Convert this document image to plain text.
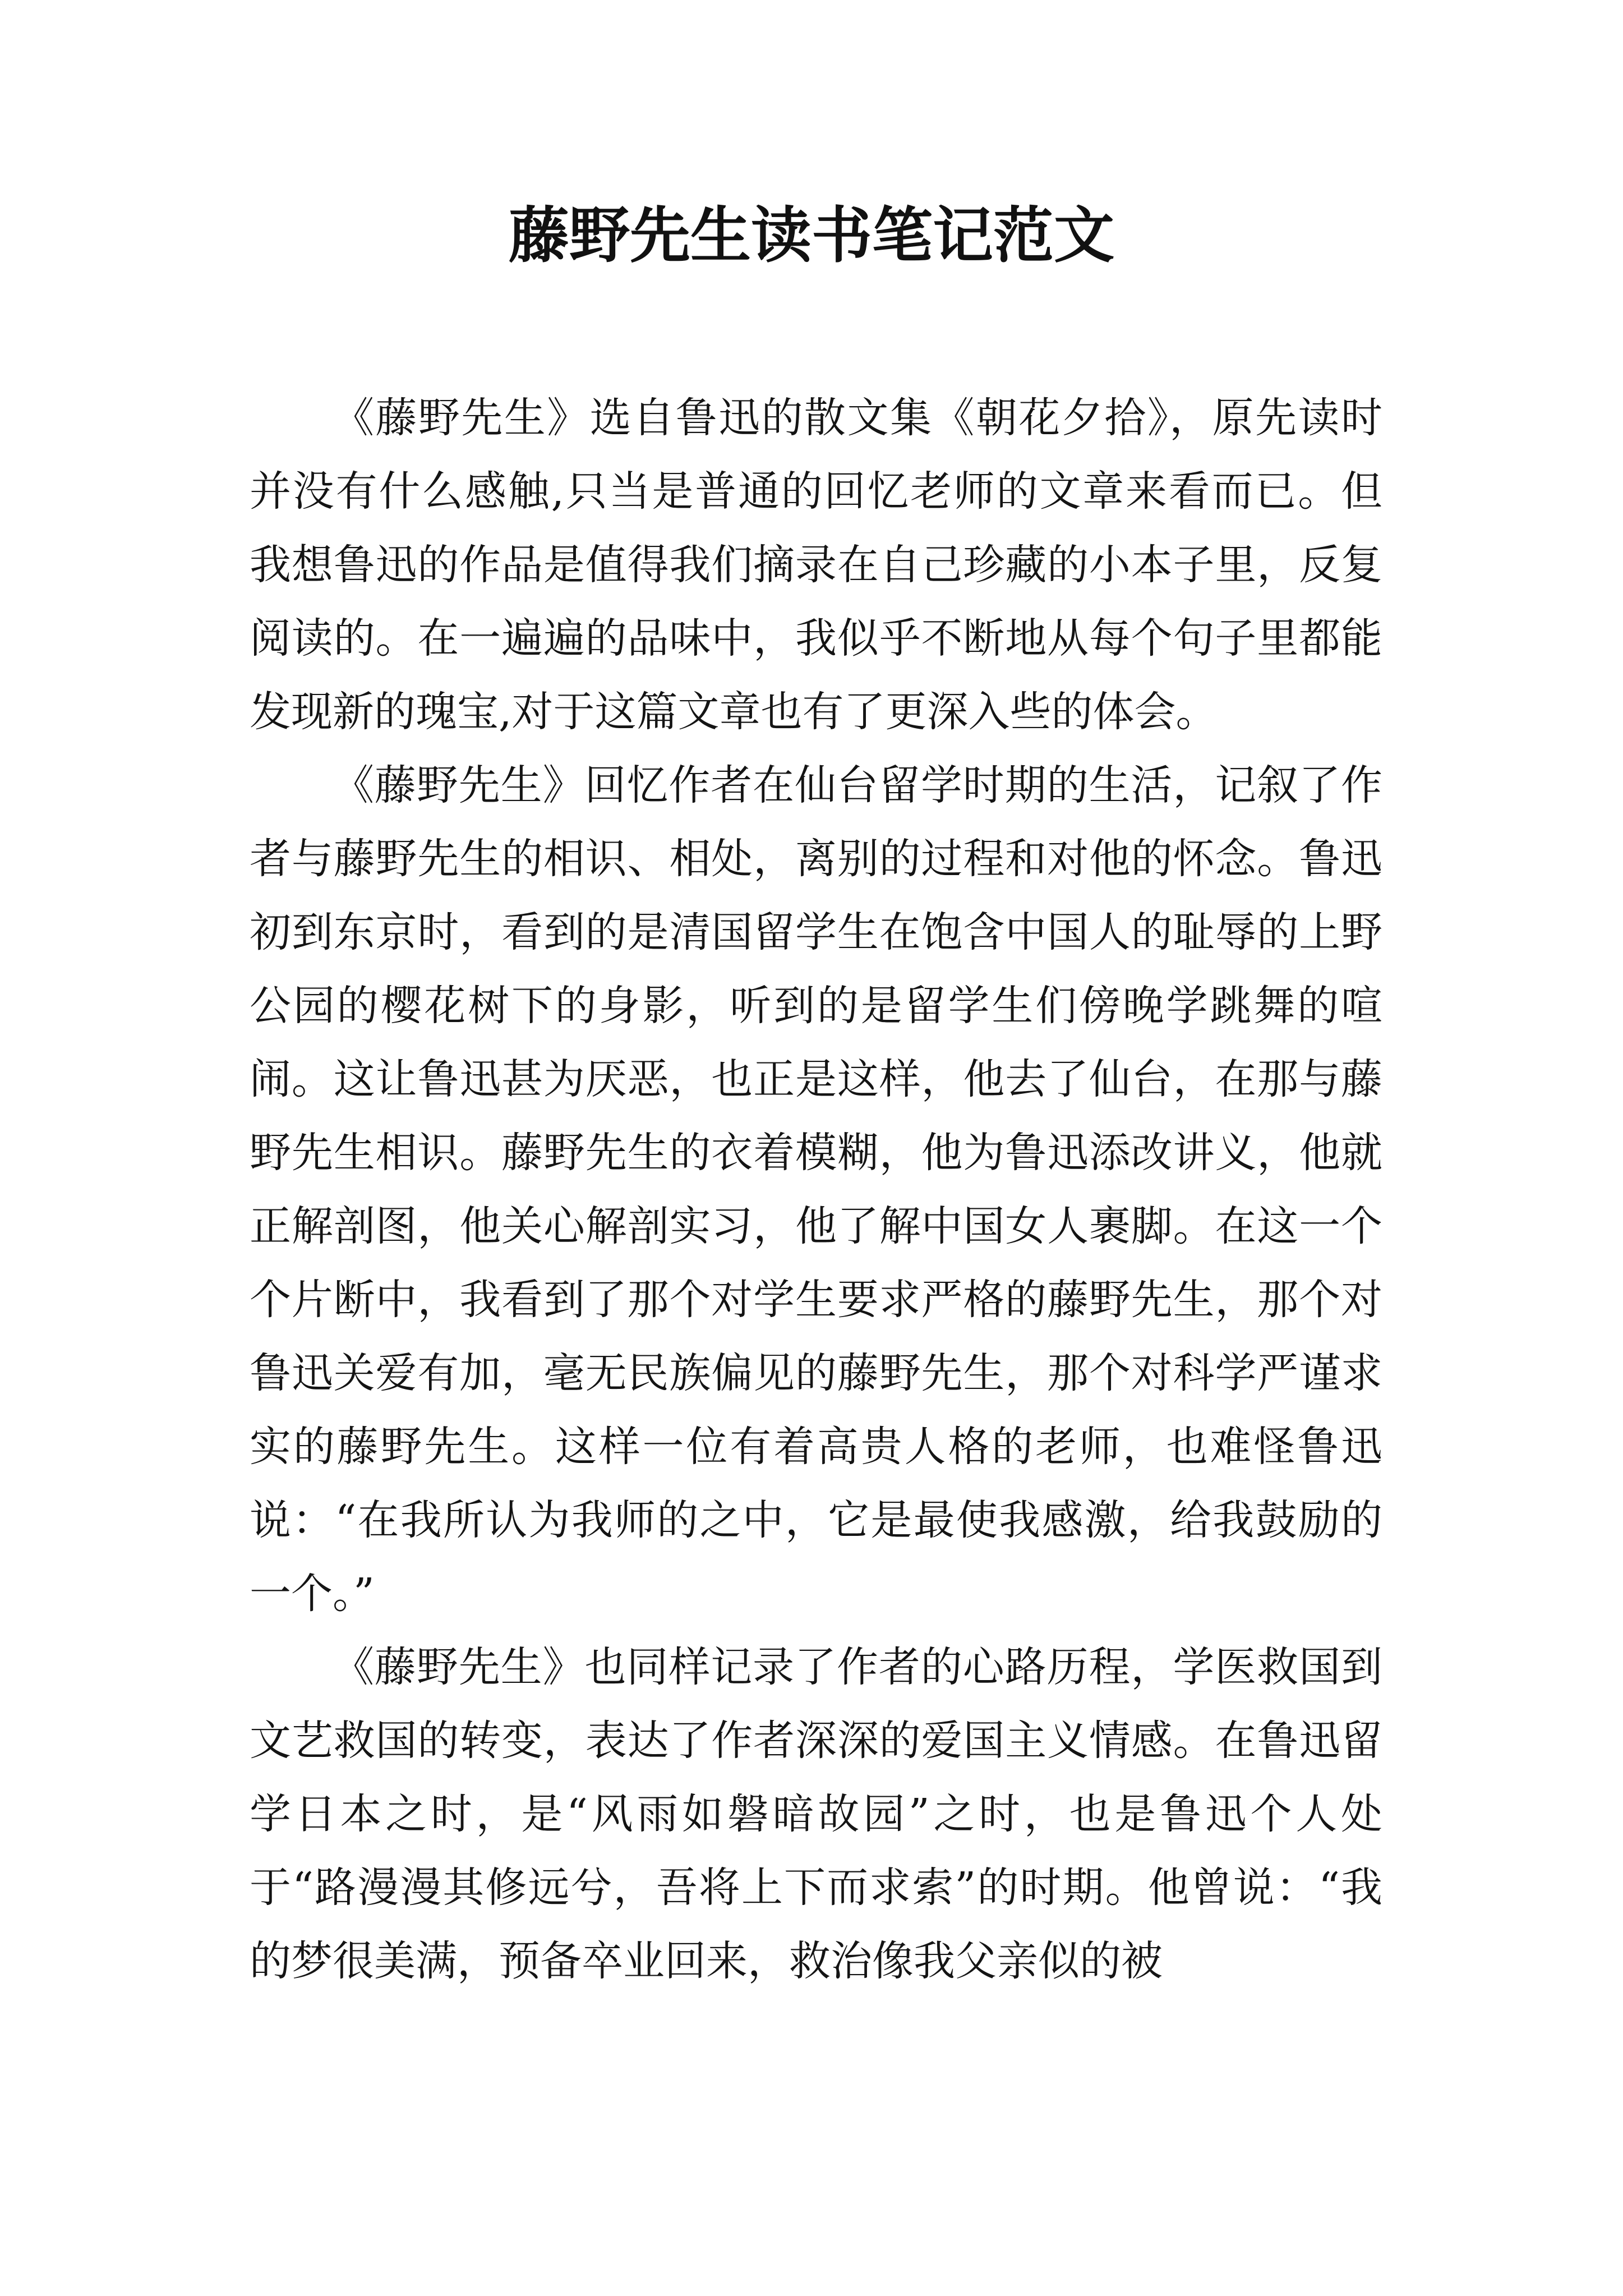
藤野先生读书笔记范文

《藤野先生》选自鲁迅的散文集《朝花夕拾》，原先读时并没有什么感触,只当是普通的回忆老师的文章来看而已。但我想鲁迅的作品是值得我们摘录在自己珍藏的小本子里，反复阅读的。在一遍遍的品味中，我似乎不断地从每个句子里都能发现新的瑰宝,对于这篇文章也有了更深入些的体会。

《藤野先生》回忆作者在仙台留学时期的生活，记叙了作者与藤野先生的相识、相处，离别的过程和对他的怀念。鲁迅初到东京时，看到的是清国留学生在饱含中国人的耻辱的上野公园的樱花树下的身影，听到的是留学生们傍晚学跳舞的喧闹。这让鲁迅甚为厌恶，也正是这样，他去了仙台，在那与藤野先生相识。藤野先生的衣着模糊，他为鲁迅添改讲义，他就正解剖图，他关心解剖实习，他了解中国女人裹脚。在这一个个片断中，我看到了那个对学生要求严格的藤野先生，那个对鲁迅关爱有加，毫无民族偏见的藤野先生，那个对科学严谨求实的藤野先生。这样一位有着高贵人格的老师，也难怪鲁迅说：“在我所认为我师的之中，它是最使我感激，给我鼓励的一个。”

《藤野先生》也同样记录了作者的心路历程，学医救国到文艺救国的转变，表达了作者深深的爱国主义情感。在鲁迅留学日本之时，是“风雨如磐暗故园”之时，也是鲁迅个人处于“路漫漫其修远兮，吾将上下而求索”的时期。他曾说：“我的梦很美满，预备卒业回来，救治像我父亲似的被
